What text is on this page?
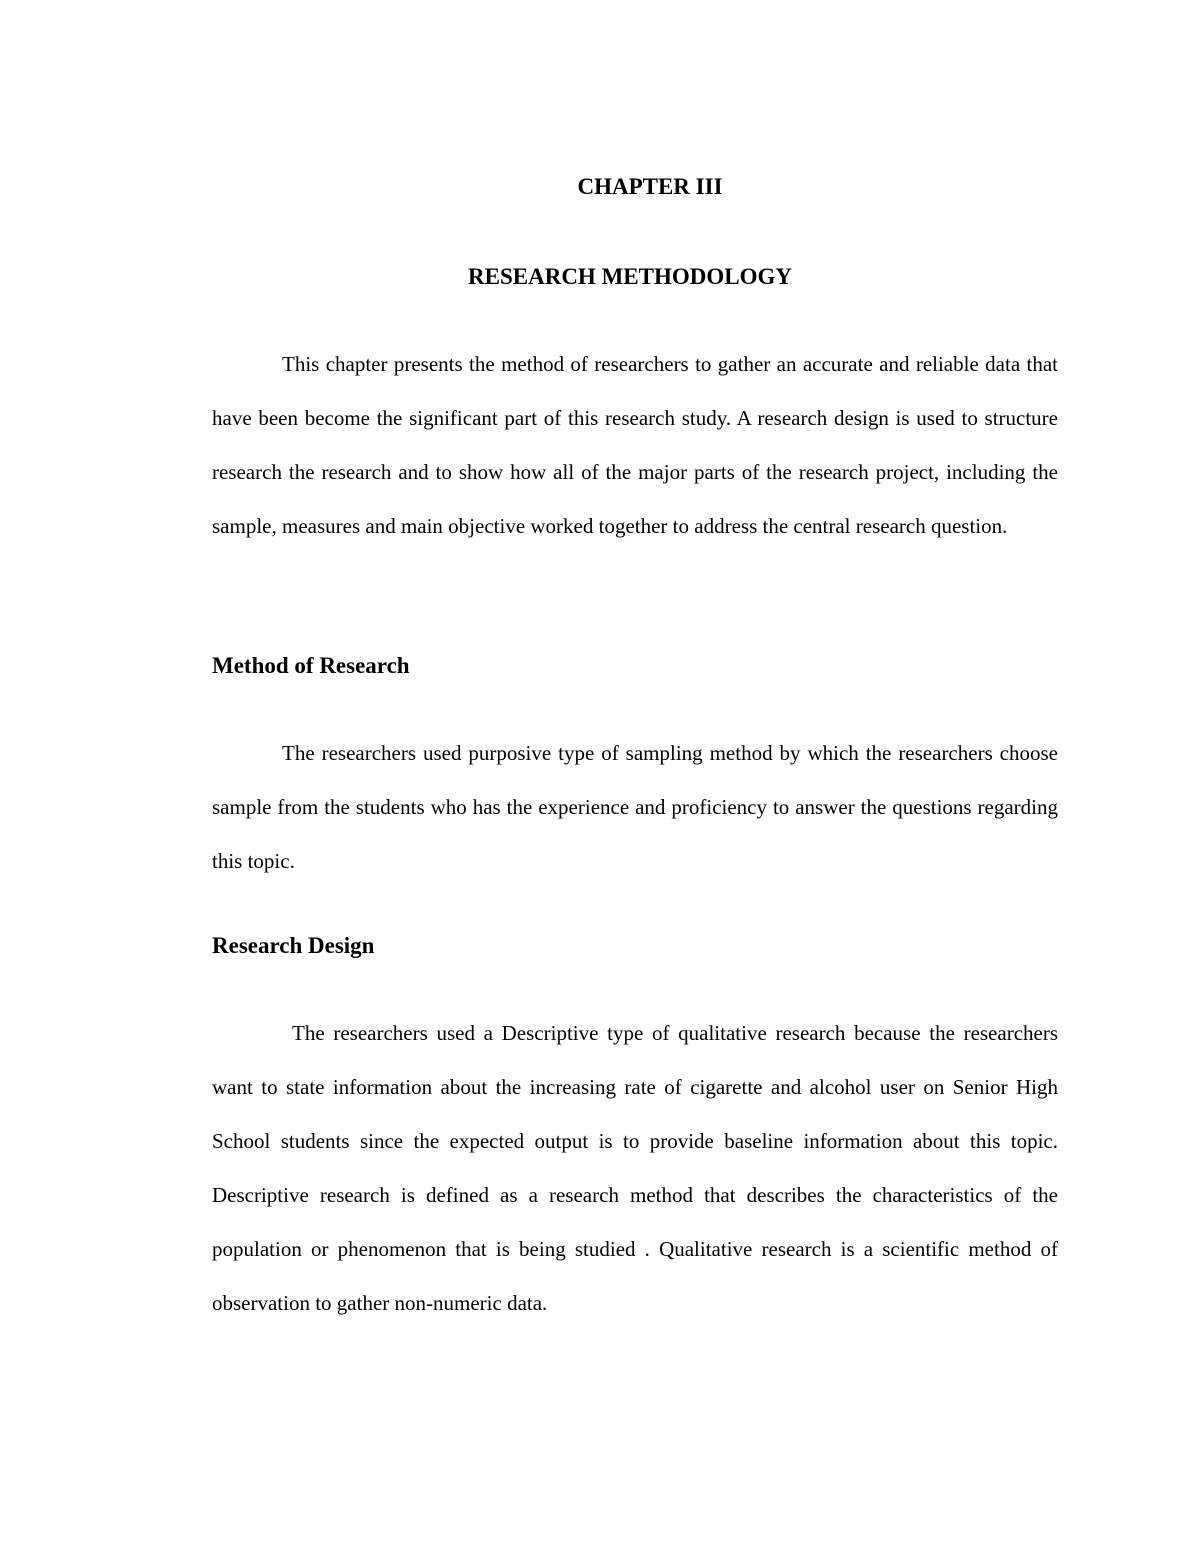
CHAPTER III
RESEARCH METHODOLOGY

This chapter presents the method of researchers to gather an accurate and reliable data that have been become the significant part of this research study. A research design is used to structure research the research and to show how all of the major parts of the research project, including the sample, measures and main objective worked together to address the central research question.

Method of Research

The researchers used purposive type of sampling method by which the researchers choose sample from the students who has the experience and proficiency to answer the questions regarding this topic.

Research Design

The researchers used a Descriptive type of qualitative research because the researchers want to state information about the increasing rate of cigarette and alcohol user on Senior High School students since the expected output is to provide baseline information about this topic. Descriptive research is defined as a research method that describes the characteristics of the population or phenomenon that is being studied . Qualitative research is a scientific method of observation to gather non-numeric data.
